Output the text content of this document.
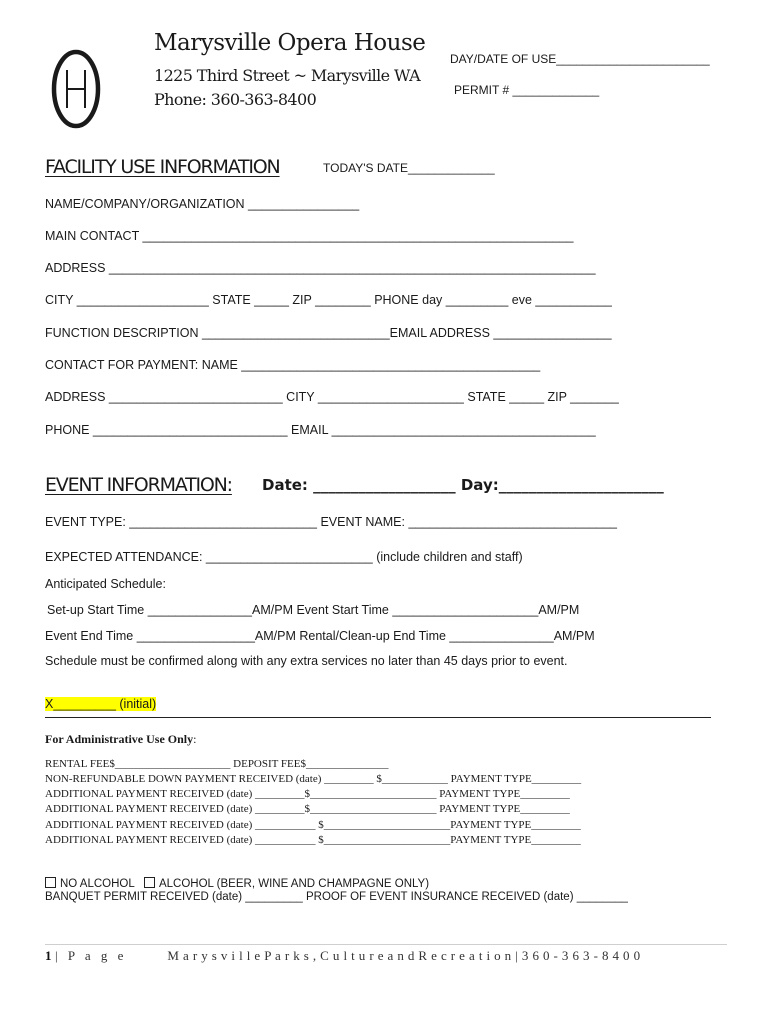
Marysville Opera House
1225 Third Street ~ Marysville WA
Phone: 360-363-8400
DAY/DATE OF USE_______________________
PERMIT # _____________
FACILITY USE INFORMATION	TODAY'S DATE_____________
NAME/COMPANY/ORGANIZATION ________________
MAIN CONTACT ______________________________________________________________
ADDRESS ______________________________________________________________________
CITY ___________________ STATE _____ ZIP ________ PHONE day _________ eve ___________
FUNCTION DESCRIPTION ___________________________EMAIL ADDRESS _________________
CONTACT FOR PAYMENT: NAME ___________________________________________
ADDRESS _________________________ CITY _____________________ STATE _____ ZIP _______
PHONE ____________________________ EMAIL ______________________________________
EVENT INFORMATION: Date: ___________________ Day:______________________
EVENT TYPE: ___________________________ EVENT NAME: ______________________________
EXPECTED ATTENDANCE: ________________________ (include children and staff)
Anticipated Schedule:
Set-up Start Time _______________AM/PM Event Start Time _____________________AM/PM
Event End Time _________________AM/PM Rental/Clean-up End Time _______________AM/PM
Schedule must be confirmed along with any extra services no later than 45 days prior to event.
X_________ (initial)
For Administrative Use Only:
RENTAL FEE$_____________________ DEPOSIT FEE$_______________
NON-REFUNDABLE DOWN PAYMENT RECEIVED (date) _________ $____________ PAYMENT TYPE_________
ADDITIONAL PAYMENT RECEIVED (date) _________$_______________________ PAYMENT TYPE_________
ADDITIONAL PAYMENT RECEIVED (date) _________$_______________________ PAYMENT TYPE_________
ADDITIONAL PAYMENT RECEIVED (date) ___________ $_______________________PAYMENT TYPE_________
ADDITIONAL PAYMENT RECEIVED (date) ___________ $_______________________PAYMENT TYPE_________
NO ALCOHOL ALCOHOL (BEER, WINE AND CHAMPAGNE ONLY)
BANQUET PERMIT RECEIVED (date) _________ PROOF OF EVENT INSURANCE RECEIVED (date) ________
1| P a g e	M a r y s v i l l e P a r k s , C u l t u r e a n d R e c r e a t i o n | 3 6 0 - 3 6 3 - 8 4 0 0
